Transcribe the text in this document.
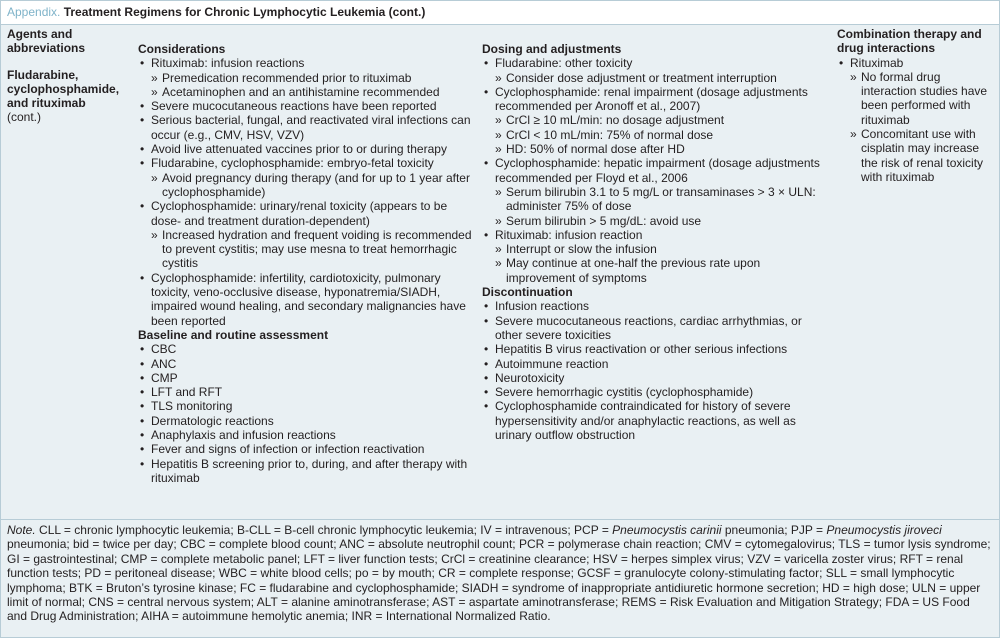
Appendix. Treatment Regimens for Chronic Lymphocytic Leukemia (cont.)
Agents and abbreviations
Fludarabine, cyclophosphamide, and rituximab
(cont.)
Considerations
• Rituximab: infusion reactions
» Premedication recommended prior to rituximab
» Acetaminophen and an antihistamine recommended
• Severe mucocutaneous reactions have been reported
• Serious bacterial, fungal, and reactivated viral infections can occur (e.g., CMV, HSV, VZV)
• Avoid live attenuated vaccines prior to or during therapy
• Fludarabine, cyclophosphamide: embryo-fetal toxicity
» Avoid pregnancy during therapy (and for up to 1 year after cyclophosphamide)
• Cyclophosphamide: urinary/renal toxicity (appears to be dose- and treatment duration-dependent)
» Increased hydration and frequent voiding is recommended to prevent cystitis; may use mesna to treat hemorrhagic cystitis
• Cyclophosphamide: infertility, cardiotoxicity, pulmonary toxicity, veno-occlusive disease, hyponatremia/SIADH, impaired wound healing, and secondary malignancies have been reported
Baseline and routine assessment
• CBC
• ANC
• CMP
• LFT and RFT
• TLS monitoring
• Dermatologic reactions
• Anaphylaxis and infusion reactions
• Fever and signs of infection or infection reactivation
• Hepatitis B screening prior to, during, and after therapy with rituximab
Dosing and adjustments
• Fludarabine: other toxicity
» Consider dose adjustment or treatment interruption
• Cyclophosphamide: renal impairment (dosage adjustments recommended per Aronoff et al., 2007)
» CrCl ≥ 10 mL/min: no dosage adjustment
» CrCl < 10 mL/min: 75% of normal dose
» HD: 50% of normal dose after HD
• Cyclophosphamide: hepatic impairment (dosage adjustments recommended per Floyd et al., 2006
» Serum bilirubin 3.1 to 5 mg/L or transaminases > 3 × ULN: administer 75% of dose
» Serum bilirubin > 5 mg/dL: avoid use
• Rituximab: infusion reaction
» Interrupt or slow the infusion
» May continue at one-half the previous rate upon improvement of symptoms
Discontinuation
• Infusion reactions
• Severe mucocutaneous reactions, cardiac arrhythmias, or other severe toxicities
• Hepatitis B virus reactivation or other serious infections
• Autoimmune reaction
• Neurotoxicity
• Severe hemorrhagic cystitis (cyclophosphamide)
• Cyclophosphamide contraindicated for history of severe hypersensitivity and/or anaphylactic reactions, as well as urinary outflow obstruction
Combination therapy and drug interactions
• Rituximab
» No formal drug interaction studies have been performed with rituximab
» Concomitant use with cisplatin may increase the risk of renal toxicity with rituximab
Note. CLL = chronic lymphocytic leukemia; B-CLL = B-cell chronic lymphocytic leukemia; IV = intravenous; PCP = Pneumocystis carinii pneumonia; PJP = Pneumocystis jiroveci pneumonia; bid = twice per day; CBC = complete blood count; ANC = absolute neutrophil count; PCR = polymerase chain reaction; CMV = cytomegalovirus; TLS = tumor lysis syndrome; GI = gastrointestinal; CMP = complete metabolic panel; LFT = liver function tests; CrCl = creatinine clearance; HSV = herpes simplex virus; VZV = varicella zoster virus; RFT = renal function tests; PD = peritoneal disease; WBC = white blood cells; po = by mouth; CR = complete response; GCSF = granulocyte colony-stimulating factor; SLL = small lymphocytic lymphoma; BTK = Bruton’s tyrosine kinase; FC = fludarabine and cyclophosphamide; SIADH = syndrome of inappropriate antidiuretic hormone secretion; HD = high dose; ULN = upper limit of normal; CNS = central nervous system; ALT = alanine aminotransferase; AST = aspartate aminotransferase; REMS = Risk Evaluation and Mitigation Strategy; FDA = US Food and Drug Administration; AIHA = autoimmune hemolytic anemia; INR = International Normalized Ratio.
